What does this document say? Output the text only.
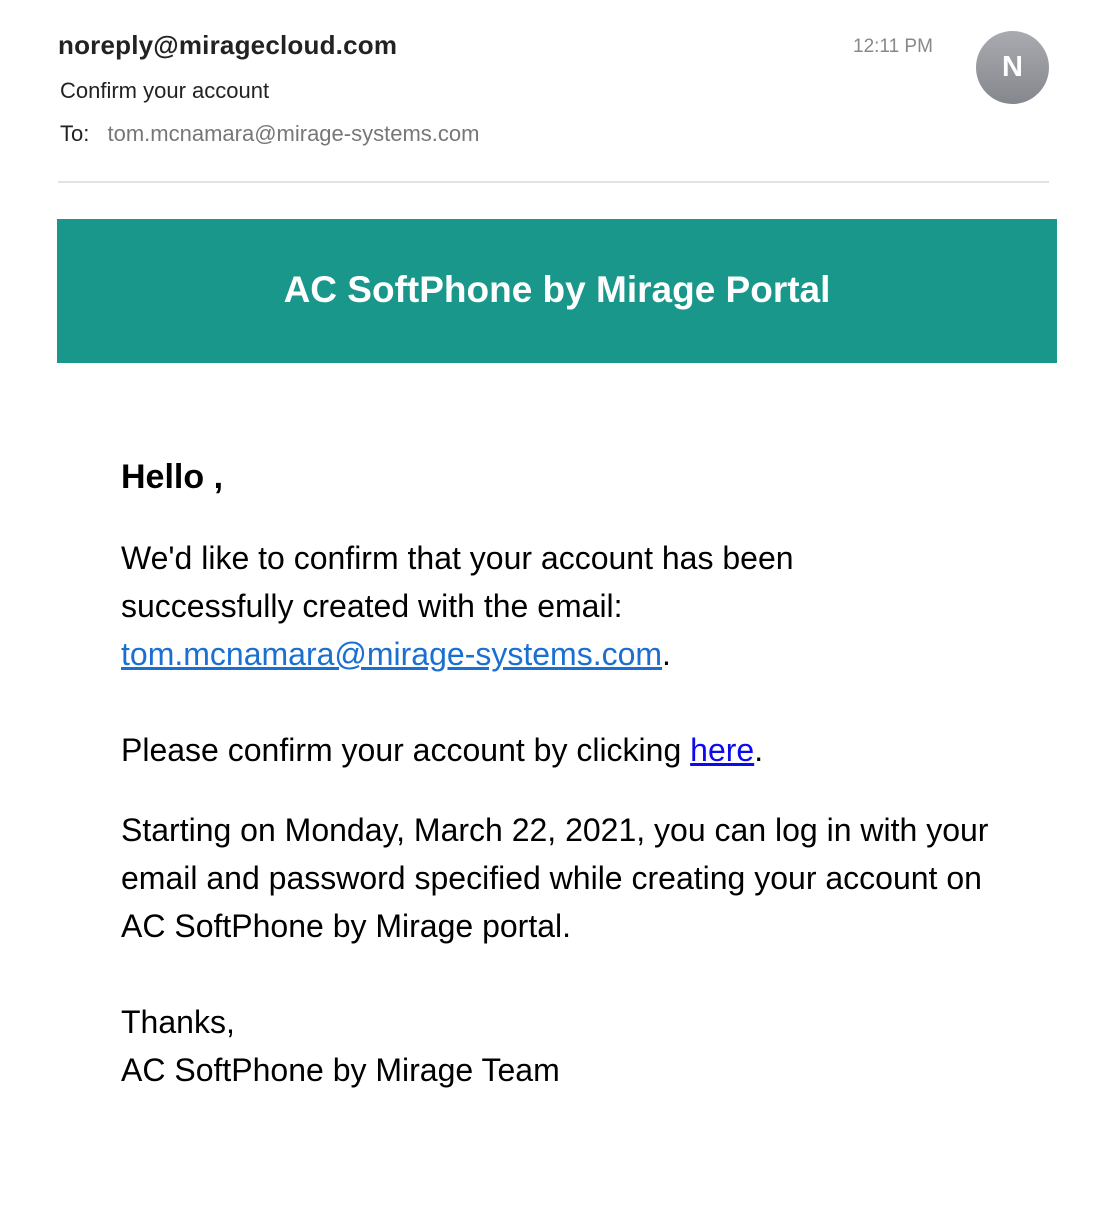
noreply@miragecloud.com
Confirm your account
To: tom.mcnamara@mirage-systems.com
12:11 PM
N
AC SoftPhone by Mirage Portal
Hello ,
We'd like to confirm that your account has been successfully created with the email: tom.mcnamara@mirage-systems.com.
Please confirm your account by clicking here.
Starting on Monday, March 22, 2021, you can log in with your email and password specified while creating your account on AC SoftPhone by Mirage portal.
Thanks,
AC SoftPhone by Mirage Team
